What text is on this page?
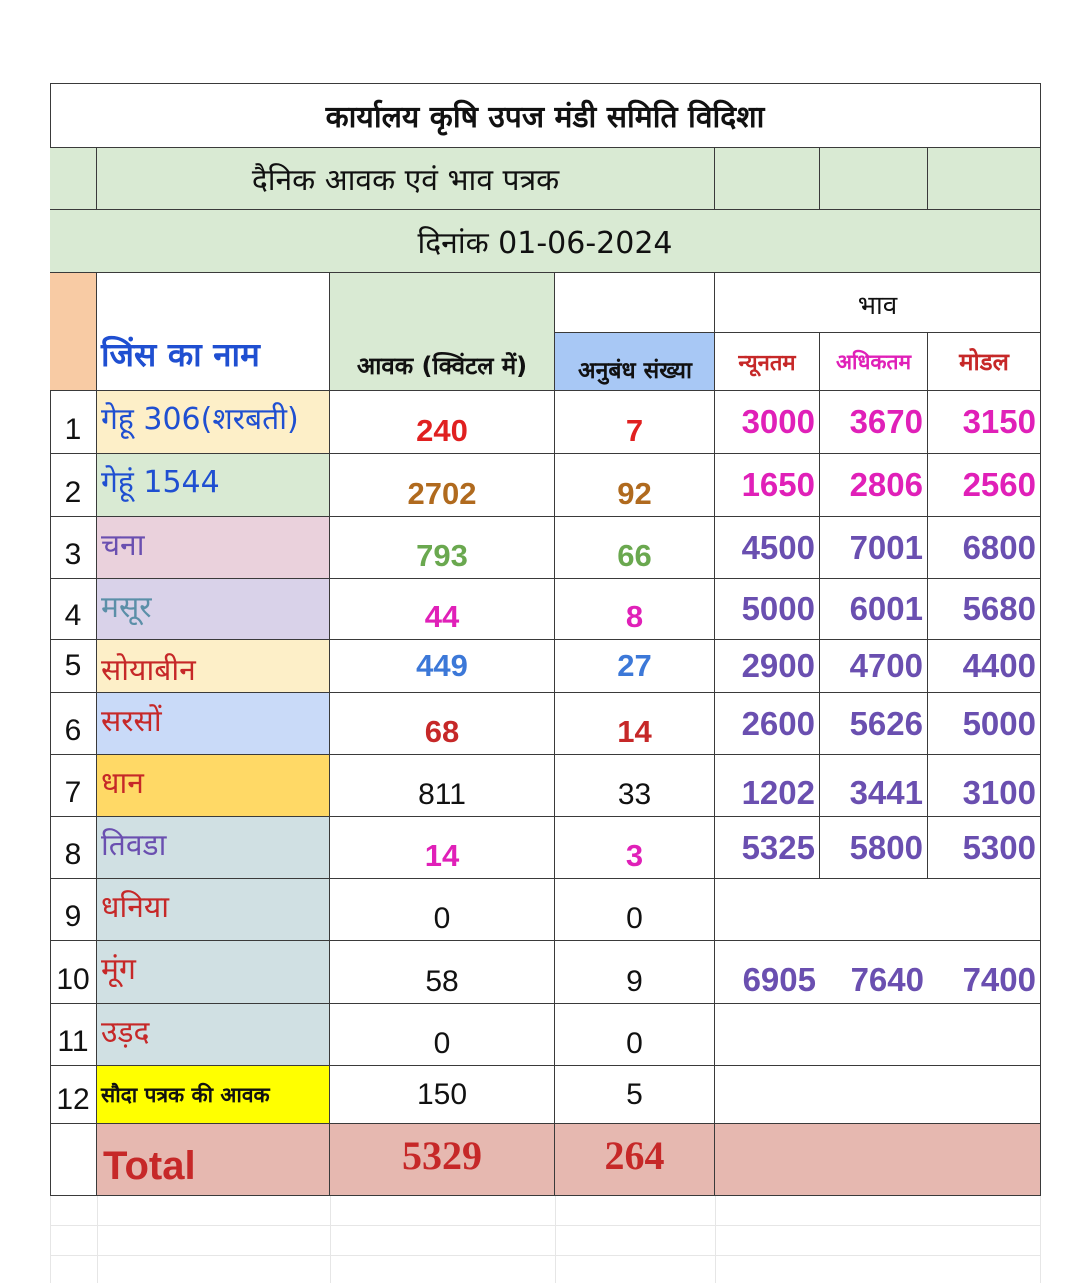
कार्यालय कृषि उपज मंडी समिति विदिशा
दैनिक आवक एवं भाव पत्रक
दिनांक 01-06-2024
जिंस का नाम	आवक (क्विंटल में)	अनुबंध संख्या
भाव
न्यूनतम	अधिकतम	मोडल
1 गेहू 306(शरबती)	240	7	3000	3670	3150
2 गेहूं 1544	2702	92	1650	2806	2560
3 चना	793	66	4500	7001	6800
4 मसूर	44	8	5000	6001	5680
5 सोयाबीन	449	27	2900	4700	4400
6 सरसों	68	14	2600	5626	5000
7 धान	811	33	1202	3441	3100
8 तिवडा	14	3	5325	5800	5300
9 धनिया	0	0
10 मूंग	58	9	6905	7640	7400
11 उड़द	0	0
12 सौदा पत्रक की आवक	150	5
Total	5329	264
